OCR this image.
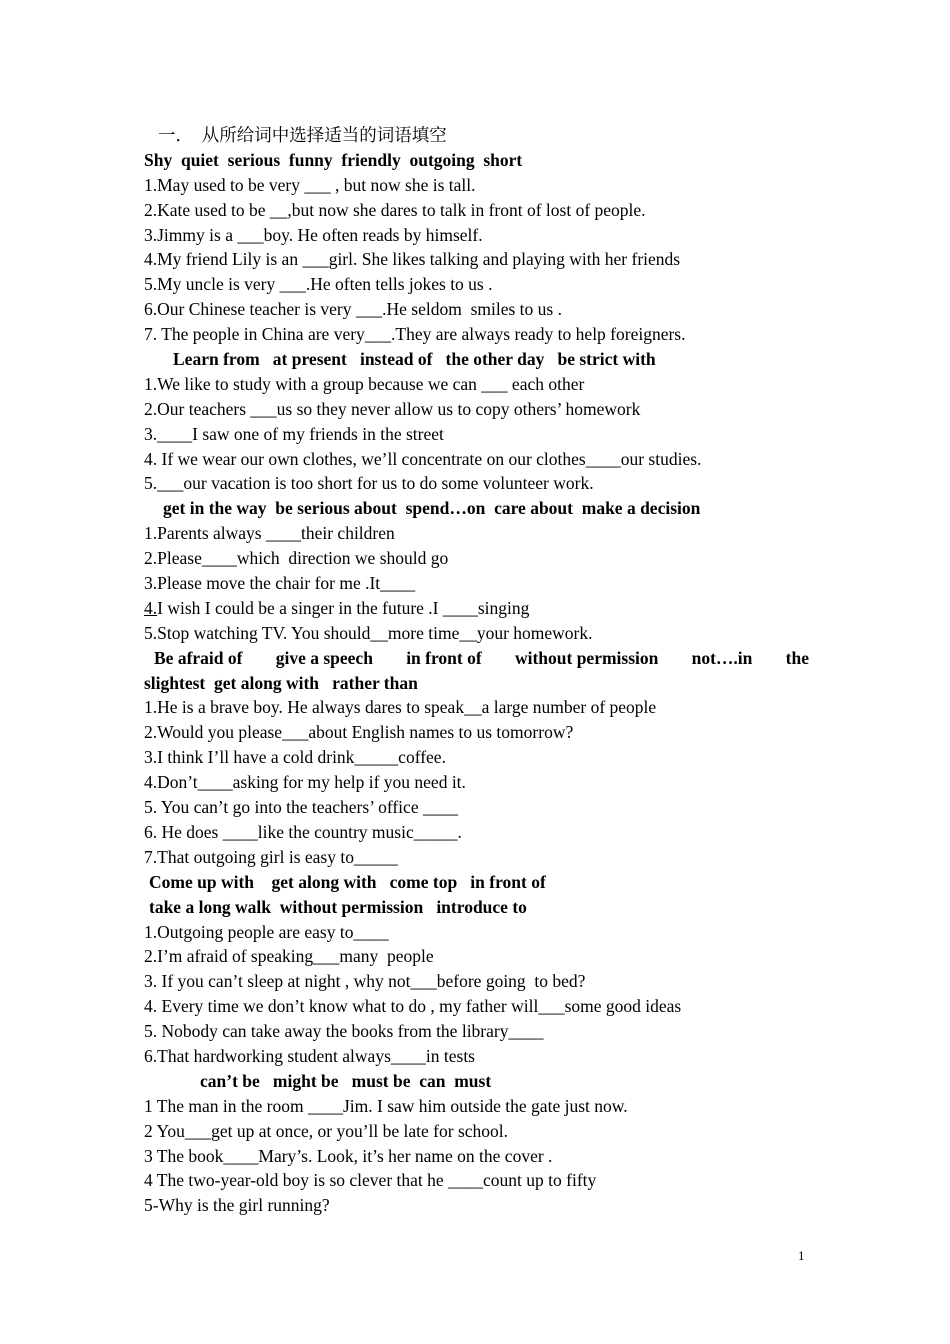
一．  从所给词中选择适当的词语填空
Shy  quiet  serious  funny  friendly  outgoing  short
1.May used to be very ___ , but now she is tall.
2.Kate used to be __,but now she dares to talk in front of lost of people.
3.Jimmy is a ___boy. He often reads by himself.
4.My friend Lily is an ___girl. She likes talking and playing with her friends
5.My uncle is very ___.He often tells jokes to us .
6.Our Chinese teacher is very ___.He seldom  smiles to us .
7. The people in China are very___.They are always ready to help foreigners.
Learn from   at present   instead of   the other day   be strict with
1.We like to study with a group because we can ___ each other
2.Our teachers ___us so they never allow us to copy others’ homework
3.____I saw one of my friends in the street
4. If we wear our own clothes, we’ll concentrate on our clothes____our studies.
5.___our vacation is too short for us to do some volunteer work.
get in the way  be serious about  spend…on  care about  make a decision
1.Parents always ____their children
2.Please____which  direction we should go
3.Please move the chair for me .It____
4.I wish I could be a singer in the future .I ____singing
5.Stop watching TV. You should__more time__your homework.
Be afraid of give a speech in front of without permission not….in the
slightest  get along with   rather than
1.He is a brave boy. He always dares to speak__a large number of people
2.Would you please___about English names to us tomorrow?
3.I think I’ll have a cold drink_____coffee.
4.Don’t____asking for my help if you need it.
5. You can’t go into the teachers’ office ____
6. He does ____like the country music_____.
7.That outgoing girl is easy to_____
Come up with    get along with   come top   in front of
take a long walk  without permission   introduce to
1.Outgoing people are easy to____
2.I’m afraid of speaking___many  people
3. If you can’t sleep at night , why not___before going  to bed?
4. Every time we don’t know what to do , my father will___some good ideas
5. Nobody can take away the books from the library____
6.That hardworking student always____in tests
can’t be   might be   must be  can  must
1 The man in the room ____Jim. I saw him outside the gate just now.
2 You___get up at once, or you’ll be late for school.
3 The book____Mary’s. Look, it’s her name on the cover .
4 The two-year-old boy is so clever that he ____count up to fifty
5-Why is the girl running?
1
